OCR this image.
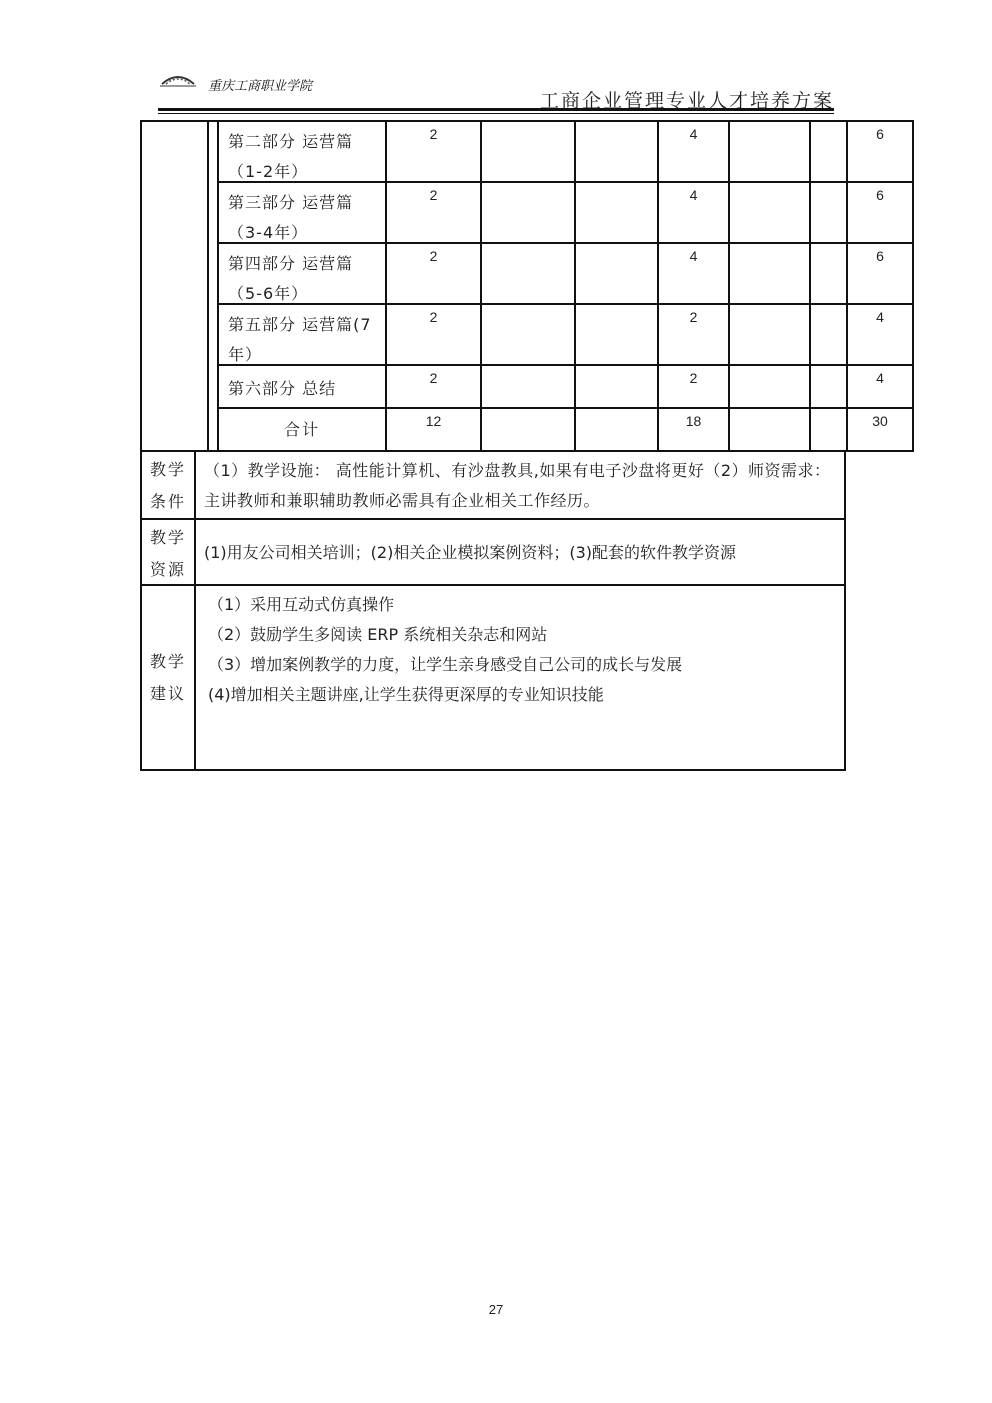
重庆工商职业学院
工商企业管理专业人才培养方案
第二部分 运营篇（1-2年）
2	4	6
第三部分 运营篇（3-4年）
2	4	6
第四部分 运营篇（5-6年）
2	4	6
第五部分 运营篇(7年）
2	2	4
第六部分 总结
2	2	4
合计	12	18	30
教学
条件
（1）教学设施： 高性能计算机、有沙盘教具,如果有电子沙盘将更好（2）师资需求：主讲教师和兼职辅助教师必需具有企业相关工作经历。
教学
资源
(1)用友公司相关培训；(2)相关企业模拟案例资料；(3)配套的软件教学资源
教学
建议
（1）采用互动式仿真操作
（2）鼓励学生多阅读 ERP 系统相关杂志和网站
（3）增加案例教学的力度，让学生亲身感受自己公司的成长与发展
(4)增加相关主题讲座,让学生获得更深厚的专业知识技能
27
